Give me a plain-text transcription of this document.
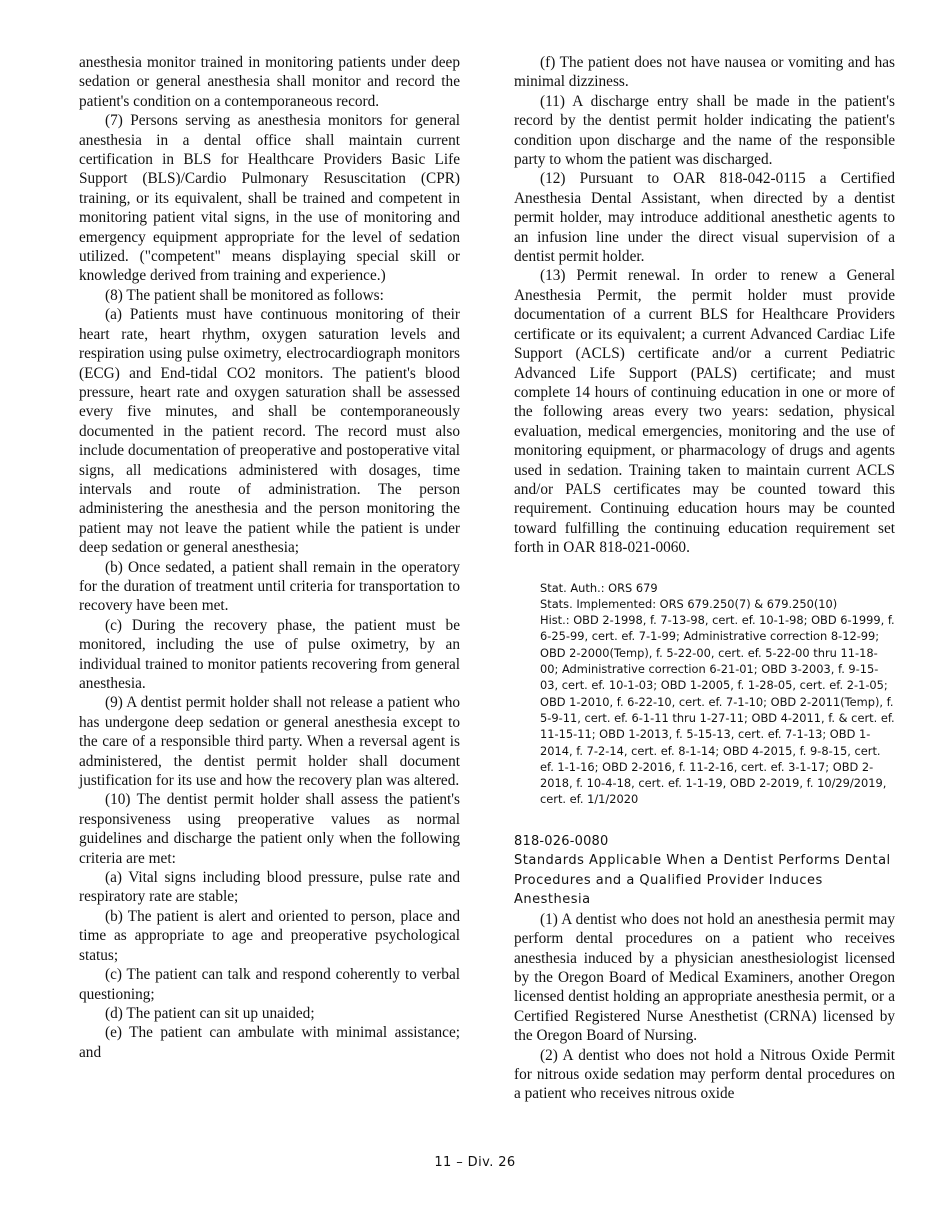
anesthesia monitor trained in monitoring patients under deep sedation or general anesthesia shall monitor and record the patient's condition on a contemporaneous record.

(7) Persons serving as anesthesia monitors for general anesthesia in a dental office shall maintain current certification in BLS for Healthcare Providers Basic Life Support (BLS)/Cardio Pulmonary Resuscitation (CPR) training, or its equivalent, shall be trained and competent in monitoring patient vital signs, in the use of monitoring and emergency equipment appropriate for the level of sedation utilized. ("competent" means displaying special skill or knowledge derived from training and experience.)

(8) The patient shall be monitored as follows:

(a) Patients must have continuous monitoring of their heart rate, heart rhythm, oxygen saturation levels and respiration using pulse oximetry, electrocardiograph monitors (ECG) and End-tidal CO2 monitors. The patient's blood pressure, heart rate and oxygen saturation shall be assessed every five minutes, and shall be contemporaneously documented in the patient record. The record must also include documentation of preoperative and postoperative vital signs, all medications administered with dosages, time intervals and route of administration. The person administering the anesthesia and the person monitoring the patient may not leave the patient while the patient is under deep sedation or general anesthesia;

(b) Once sedated, a patient shall remain in the operatory for the duration of treatment until criteria for transportation to recovery have been met.

(c) During the recovery phase, the patient must be monitored, including the use of pulse oximetry, by an individual trained to monitor patients recovering from general anesthesia.

(9) A dentist permit holder shall not release a patient who has undergone deep sedation or general anesthesia except to the care of a responsible third party. When a reversal agent is administered, the dentist permit holder shall document justification for its use and how the recovery plan was altered.

(10) The dentist permit holder shall assess the patient's responsiveness using preoperative values as normal guidelines and discharge the patient only when the following criteria are met:

(a) Vital signs including blood pressure, pulse rate and respiratory rate are stable;

(b) The patient is alert and oriented to person, place and time as appropriate to age and preoperative psychological status;

(c) The patient can talk and respond coherently to verbal questioning;

(d) The patient can sit up unaided;

(e) The patient can ambulate with minimal assistance; and

(f) The patient does not have nausea or vomiting and has minimal dizziness.

(11) A discharge entry shall be made in the patient's record by the dentist permit holder indicating the patient's condition upon discharge and the name of the responsible party to whom the patient was discharged.

(12) Pursuant to OAR 818-042-0115 a Certified Anesthesia Dental Assistant, when directed by a dentist permit holder, may introduce additional anesthetic agents to an infusion line under the direct visual supervision of a dentist permit holder.

(13) Permit renewal. In order to renew a General Anesthesia Permit, the permit holder must provide documentation of a current BLS for Healthcare Providers certificate or its equivalent; a current Advanced Cardiac Life Support (ACLS) certificate and/or a current Pediatric Advanced Life Support (PALS) certificate; and must complete 14 hours of continuing education in one or more of the following areas every two years: sedation, physical evaluation, medical emergencies, monitoring and the use of monitoring equipment, or pharmacology of drugs and agents used in sedation. Training taken to maintain current ACLS and/or PALS certificates may be counted toward this requirement. Continuing education hours may be counted toward fulfilling the continuing education requirement set forth in OAR 818-021-0060.

Stat. Auth.: ORS 679

Stats. Implemented: ORS 679.250(7) & 679.250(10)

Hist.: OBD 2-1998, f. 7-13-98, cert. ef. 10-1-98; OBD 6-1999, f. 6-25-99, cert. ef. 7-1-99; Administrative correction 8-12-99; OBD 2-2000(Temp), f. 5-22-00, cert. ef. 5-22-00 thru 11-18-00; Administrative correction 6-21-01; OBD 3-2003, f. 9-15-03, cert. ef. 10-1-03; OBD 1-2005, f. 1-28-05, cert. ef. 2-1-05; OBD 1-2010, f. 6-22-10, cert. ef. 7-1-10; OBD 2-2011(Temp), f. 5-9-11, cert. ef. 6-1-11 thru 1-27-11; OBD 4-2011, f. & cert. ef. 11-15-11; OBD 1-2013, f. 5-15-13, cert. ef. 7-1-13; OBD 1-2014, f. 7-2-14, cert. ef. 8-1-14; OBD 4-2015, f. 9-8-15, cert. ef. 1-1-16; OBD 2-2016, f. 11-2-16, cert. ef. 3-1-17; OBD 2-2018, f. 10-4-18, cert. ef. 1-1-19, OBD 2-2019, f. 10/29/2019, cert. ef. 1/1/2020

818-026-0080

Standards Applicable When a Dentist Performs Dental Procedures and a Qualified Provider Induces Anesthesia

(1) A dentist who does not hold an anesthesia permit may perform dental procedures on a patient who receives anesthesia induced by a physician anesthesiologist licensed by the Oregon Board of Medical Examiners, another Oregon licensed dentist holding an appropriate anesthesia permit, or a Certified Registered Nurse Anesthetist (CRNA) licensed by the Oregon Board of Nursing.

(2) A dentist who does not hold a Nitrous Oxide Permit for nitrous oxide sedation may perform dental procedures on a patient who receives nitrous oxide

11 – Div. 26
